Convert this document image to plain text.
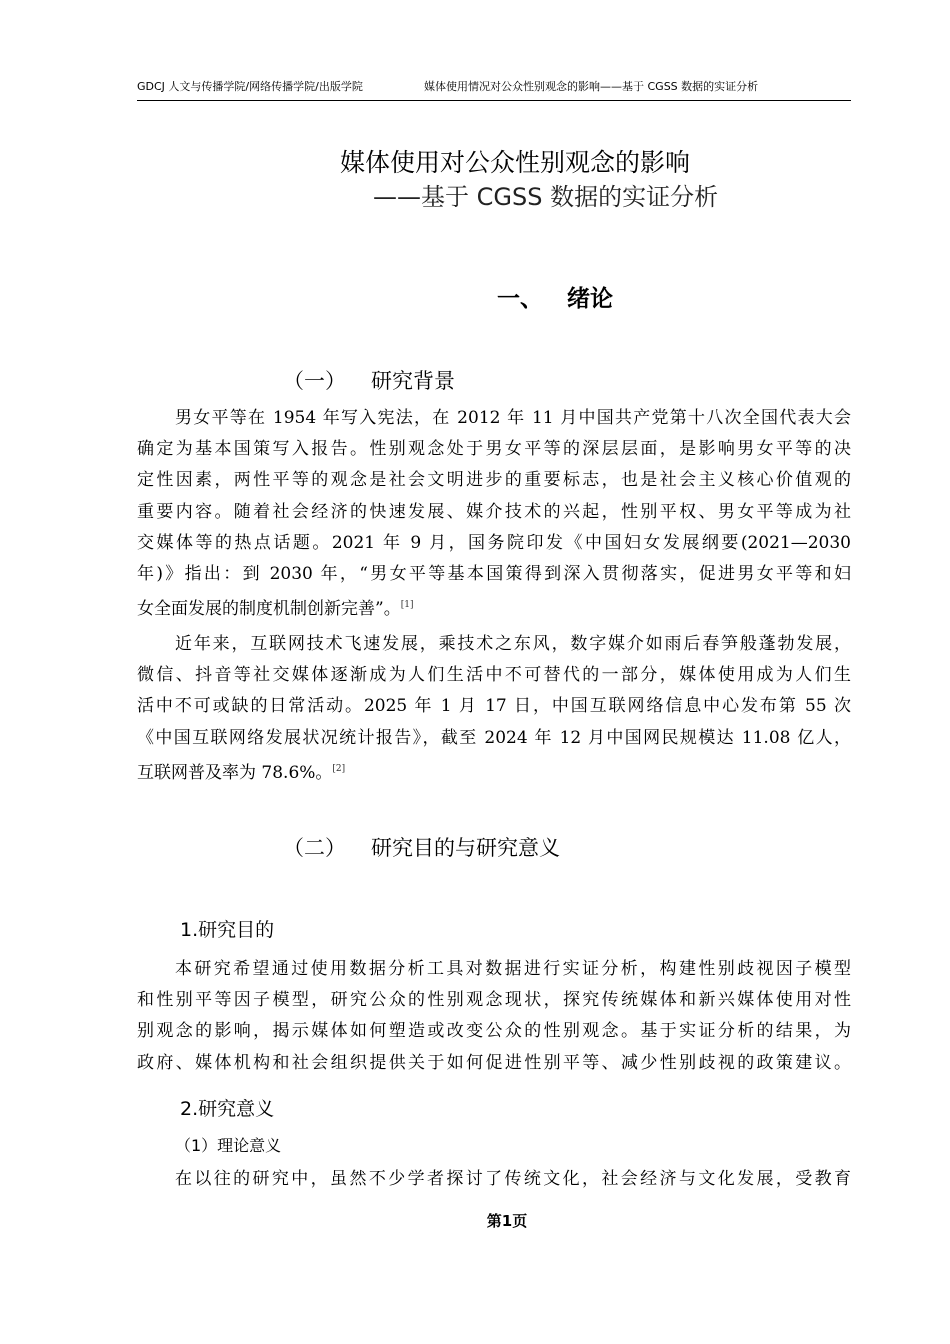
GDCJ 人文与传播学院/网络传播学院/出版学院	媒体使用情况对公众性别观念的影响——基于 CGSS 数据的实证分析
媒体使用对公众性别观念的影响
——基于 CGSS 数据的实证分析
一、 绪论
（一） 研究背景
男女平等在 1954 年写入宪法，在 2012 年 11 月中国共产党第十八次全国代表大会
确定为基本国策写入报告。性别观念处于男女平等的深层层面，是影响男女平等的决
定性因素，两性平等的观念是社会文明进步的重要标志，也是社会主义核心价值观的
重要内容。随着社会经济的快速发展、媒介技术的兴起，性别平权、男女平等成为社
交媒体等的热点话题。2021 年 9 月，国务院印发《中国妇女发展纲要(2021—2030
年)》指出：到 2030 年，“男女平等基本国策得到深入贯彻落实，促进男女平等和妇
女全面发展的制度机制创新完善”。[1]
近年来，互联网技术飞速发展，乘技术之东风，数字媒介如雨后春笋般蓬勃发展，
微信、抖音等社交媒体逐渐成为人们生活中不可替代的一部分，媒体使用成为人们生
活中不可或缺的日常活动。2025 年 1 月 17 日，中国互联网络信息中心发布第 55 次
《中国互联网络发展状况统计报告》，截至 2024 年 12 月中国网民规模达 11.08 亿人，
互联网普及率为 78.6%。[2]
（二） 研究目的与研究意义
1.研究目的
本研究希望通过使用数据分析工具对数据进行实证分析，构建性别歧视因子模型
和性别平等因子模型，研究公众的性别观念现状，探究传统媒体和新兴媒体使用对性
别观念的影响，揭示媒体如何塑造或改变公众的性别观念。基于实证分析的结果，为
政府、媒体机构和社会组织提供关于如何促进性别平等、减少性别歧视的政策建议。
2.研究意义
（1）理论意义
在以往的研究中，虽然不少学者探讨了传统文化，社会经济与文化发展，受教育
第1页
